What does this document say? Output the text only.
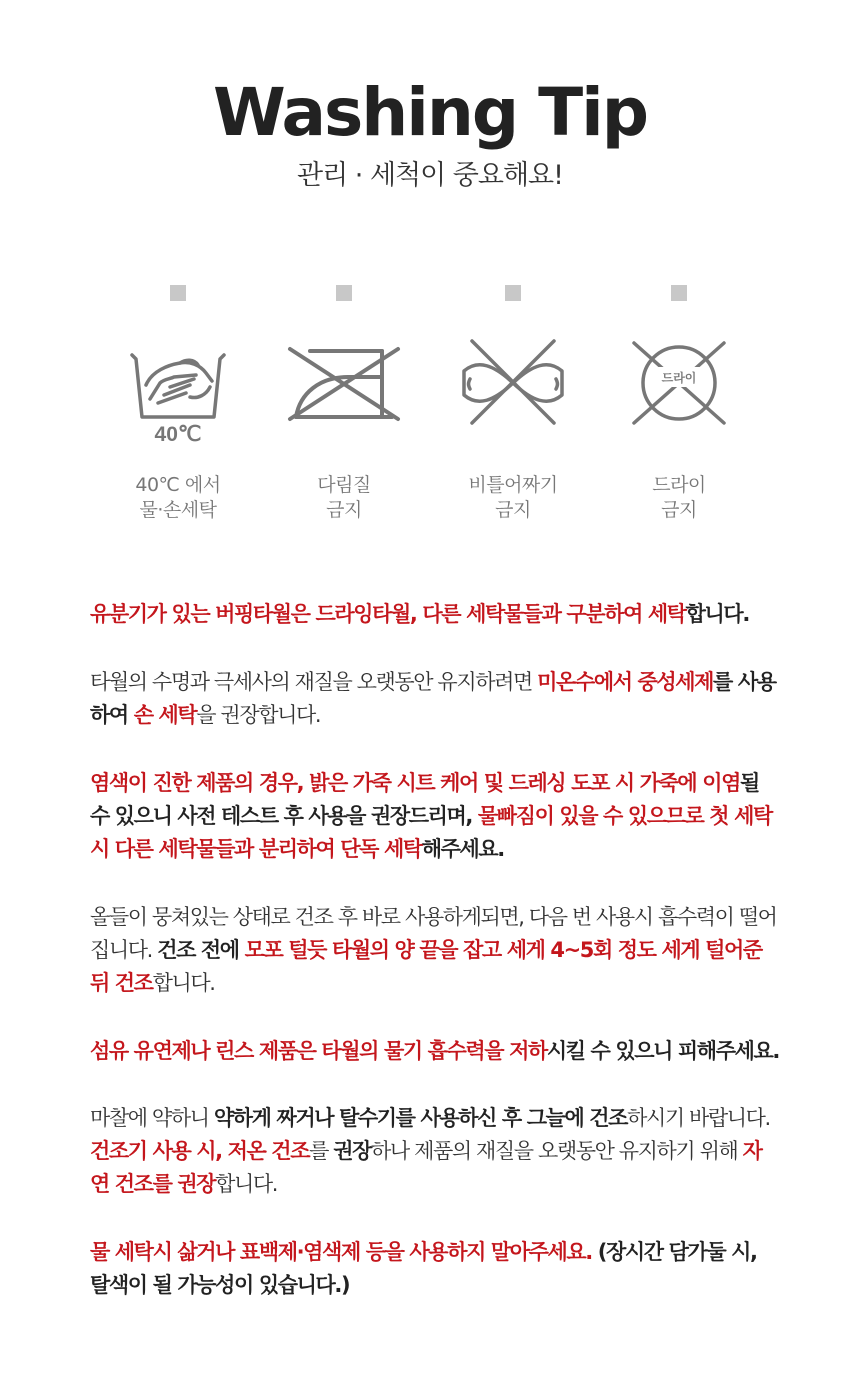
Washing Tip
관리 · 세척이 중요해요!
40℃
40℃ 에서
물·손세탁
다림질
금지
비틀어짜기
금지
드라이
드라이
금지
유분기가 있는 버핑타월은 드라잉타월, 다른 세탁물들과 구분하여 세탁합니다.
타월의 수명과 극세사의 재질을 오랫동안 유지하려면 미온수에서 중성세제를 사용하여 손 세탁을 권장합니다.
염색이 진한 제품의 경우, 밝은 가죽 시트 케어 및 드레싱 도포 시 가죽에 이염될 수 있으니 사전 테스트 후 사용을 권장드리며, 물빠짐이 있을 수 있으므로 첫 세탁시 다른 세탁물들과 분리하여 단독 세탁해주세요.
올들이 뭉쳐있는 상태로 건조 후 바로 사용하게되면, 다음 번 사용시 흡수력이 떨어집니다. 건조 전에 모포 털듯 타월의 양 끝을 잡고 세게 4~5회 정도 세게 털어준 뒤 건조합니다.
섬유 유연제나 린스 제품은 타월의 물기 흡수력을 저하시킬 수 있으니 피해주세요.
마찰에 약하니 약하게 짜거나 탈수기를 사용하신 후 그늘에 건조하시기 바랍니다. 건조기 사용 시, 저온 건조를 권장하나 제품의 재질을 오랫동안 유지하기 위해 자연 건조를 권장합니다.
물 세탁시 삶거나 표백제·염색제 등을 사용하지 말아주세요. (장시간 담가둘 시, 탈색이 될 가능성이 있습니다.)
